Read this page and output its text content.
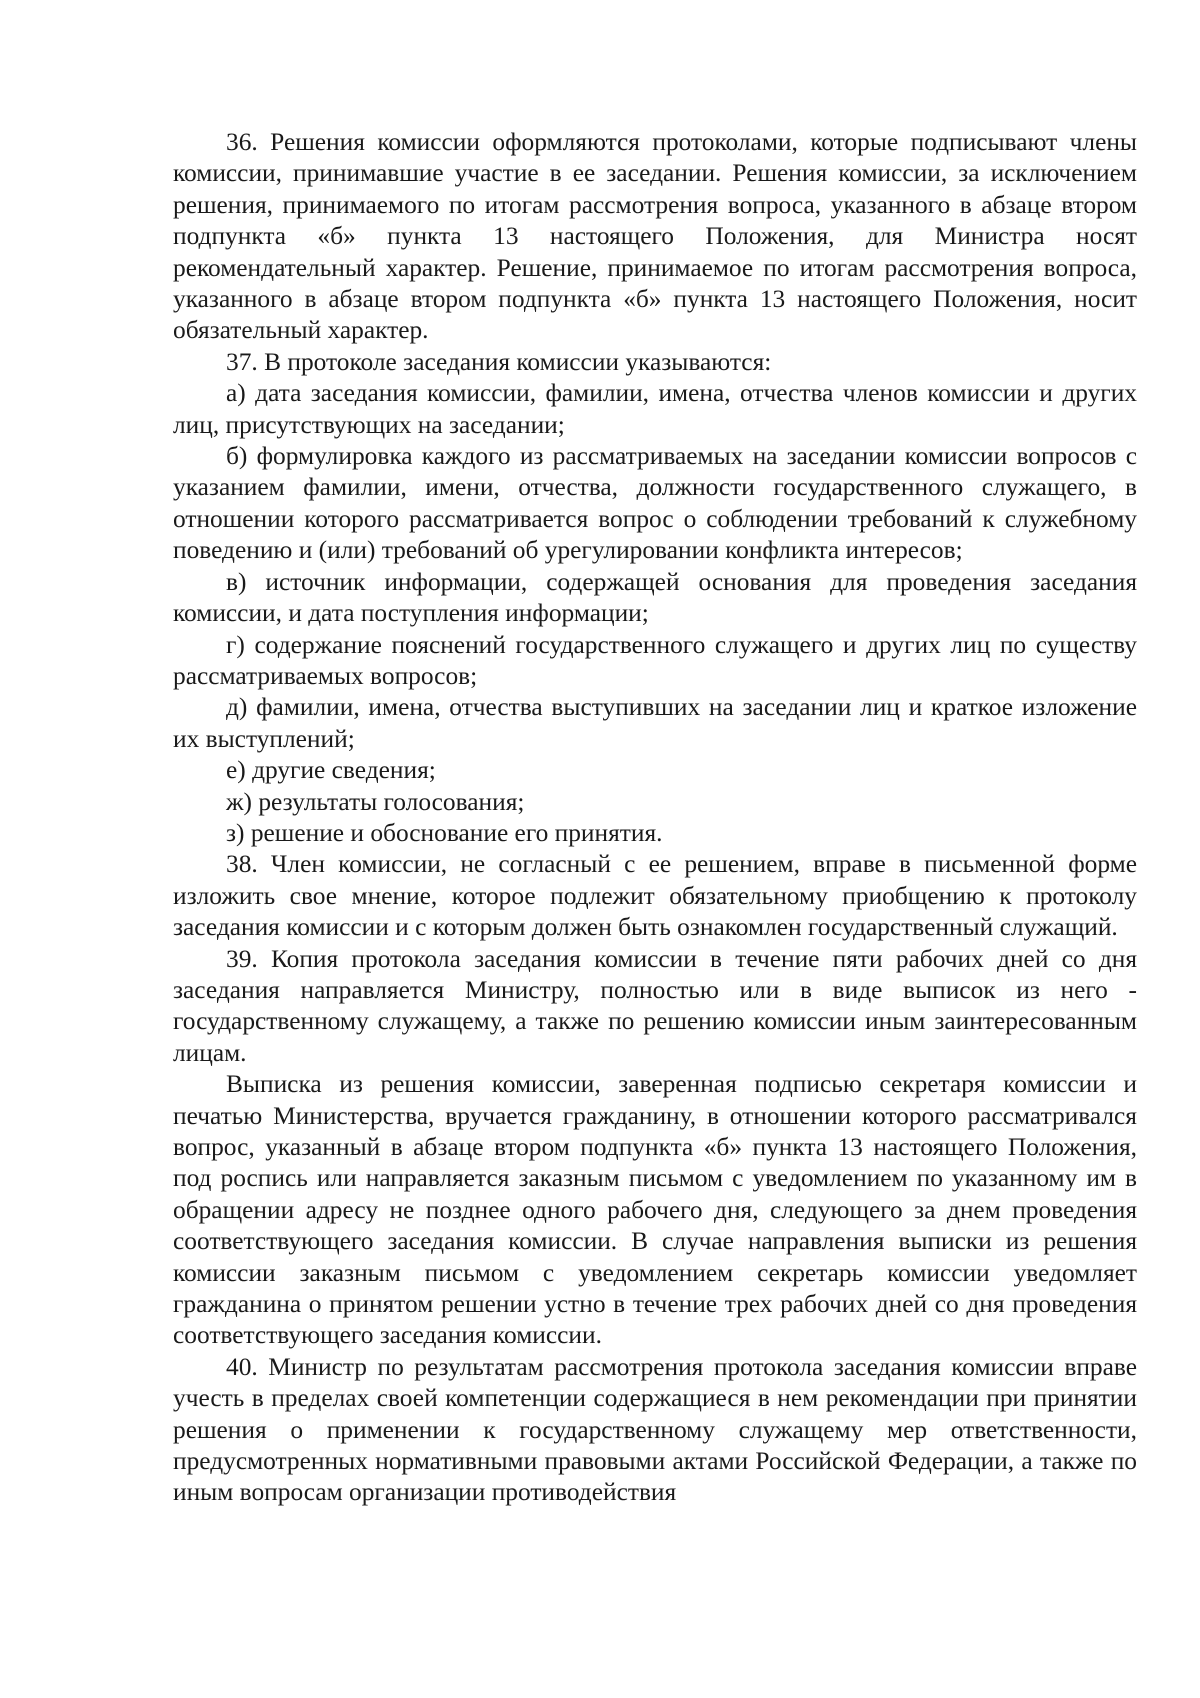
36. Решения комиссии оформляются протоколами, которые подписывают члены комиссии, принимавшие участие в ее заседании. Решения комиссии, за исключением решения, принимаемого по итогам рассмотрения вопроса, указанного в абзаце втором подпункта «б» пункта 13 настоящего Положения, для Министра носят рекомендательный характер. Решение, принимаемое по итогам рассмотрения вопроса, указанного в абзаце втором подпункта «б» пункта 13 настоящего Положения, носит обязательный характер.

37. В протоколе заседания комиссии указываются:

а) дата заседания комиссии, фамилии, имена, отчества членов комиссии и других лиц, присутствующих на заседании;

б) формулировка каждого из рассматриваемых на заседании комиссии вопросов с указанием фамилии, имени, отчества, должности государственного служащего, в отношении которого рассматривается вопрос о соблюдении требований к служебному поведению и (или) требований об урегулировании конфликта интересов;

в) источник информации, содержащей основания для проведения заседания комиссии, и дата поступления информации;

г) содержание пояснений государственного служащего и других лиц по существу рассматриваемых вопросов;

д) фамилии, имена, отчества выступивших на заседании лиц и краткое изложение их выступлений;

е) другие сведения;

ж) результаты голосования;

з) решение и обоснование его принятия.

38. Член комиссии, не согласный с ее решением, вправе в письменной форме изложить свое мнение, которое подлежит обязательному приобщению к протоколу заседания комиссии и с которым должен быть ознакомлен государственный служащий.

39. Копия протокола заседания комиссии в течение пяти рабочих дней со дня заседания направляется Министру, полностью или в виде выписок из него - государственному служащему, а также по решению комиссии иным заинтересованным лицам.

Выписка из решения комиссии, заверенная подписью секретаря комиссии и печатью Министерства, вручается гражданину, в отношении которого рассматривался вопрос, указанный в абзаце втором подпункта «б» пункта 13 настоящего Положения, под роспись или направляется заказным письмом с уведомлением по указанному им в обращении адресу не позднее одного рабочего дня, следующего за днем проведения соответствующего заседания комиссии. В случае направления выписки из решения комиссии заказным письмом с уведомлением секретарь комиссии уведомляет гражданина о принятом решении устно в течение трех рабочих дней со дня проведения соответствующего заседания комиссии.

40. Министр по результатам рассмотрения протокола заседания комиссии вправе учесть в пределах своей компетенции содержащиеся в нем рекомендации при принятии решения о применении к государственному служащему мер ответственности, предусмотренных нормативными правовыми актами Российской Федерации, а также по иным вопросам организации противодействия
